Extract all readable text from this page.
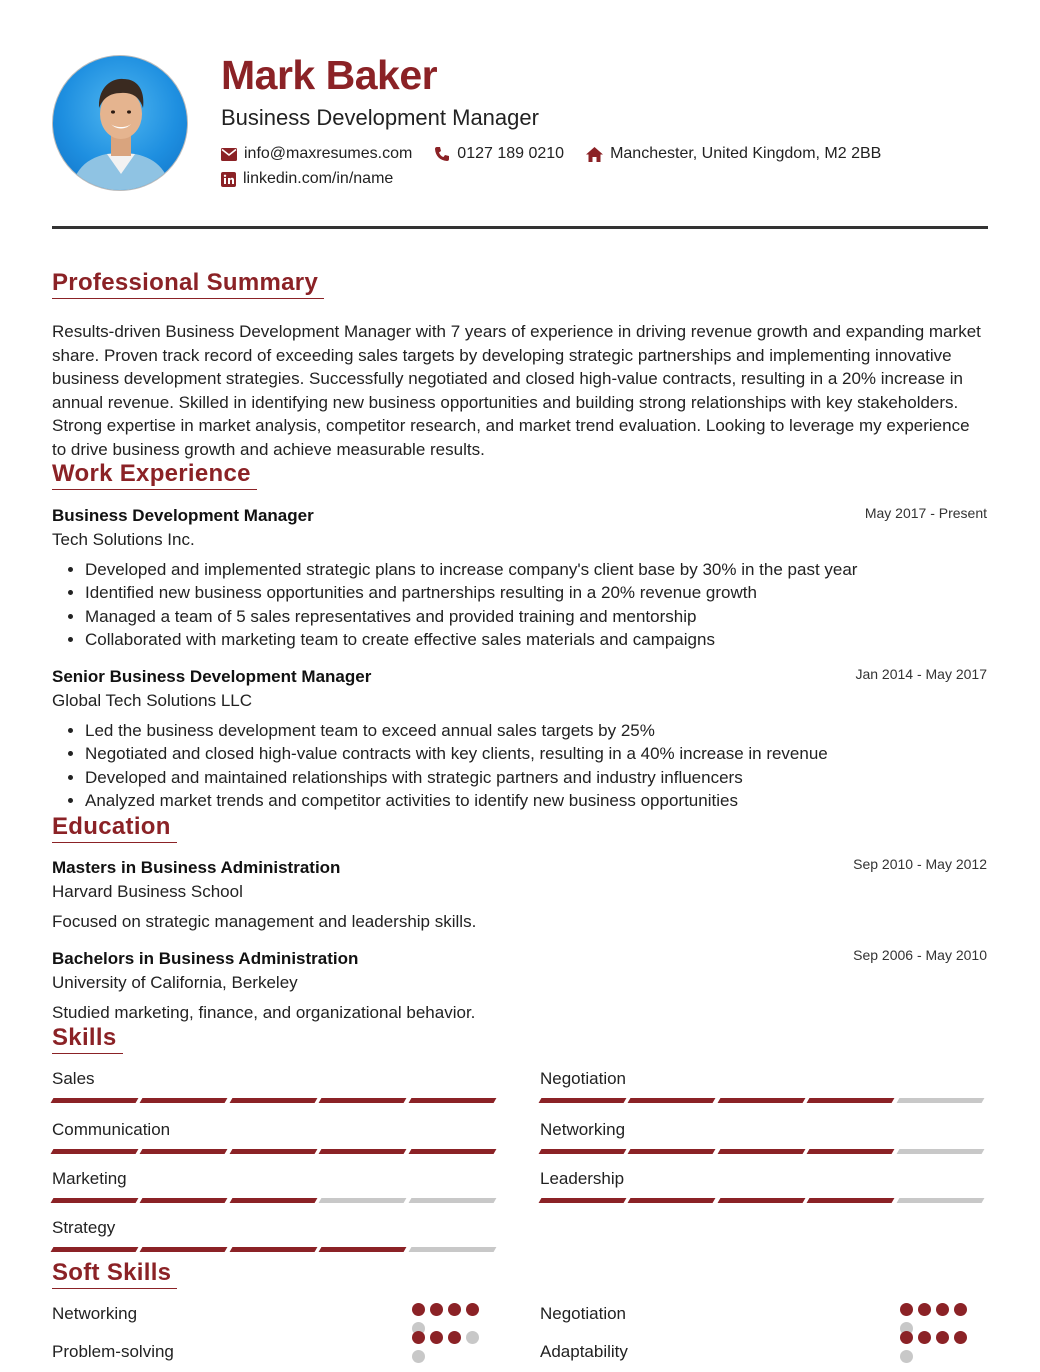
Mark Baker
Business Development Manager
info@maxresumes.com	0127 189 0210	Manchester, United Kingdom, M2 2BB
linkedin.com/in/name
Professional Summary

Results-driven Business Development Manager with 7 years of experience in driving revenue growth and expanding market share. Proven track record of exceeding sales targets by developing strategic partnerships and implementing innovative business development strategies. Successfully negotiated and closed high-value contracts, resulting in a 20% increase in annual revenue. Skilled in identifying new business opportunities and building strong relationships with key stakeholders. Strong expertise in market analysis, competitor research, and market trend evaluation. Looking to leverage my experience to drive business growth and achieve measurable results.

Work Experience
Business Development Manager	May 2017 - Present
Tech Solutions Inc.
• Developed and implemented strategic plans to increase company's client base by 30% in the past year
• Identified new business opportunities and partnerships resulting in a 20% revenue growth
• Managed a team of 5 sales representatives and provided training and mentorship
• Collaborated with marketing team to create effective sales materials and campaigns
Senior Business Development Manager	Jan 2014 - May 2017
Global Tech Solutions LLC
• Led the business development team to exceed annual sales targets by 25%
• Negotiated and closed high-value contracts with key clients, resulting in a 40% increase in revenue
• Developed and maintained relationships with strategic partners and industry influencers
• Analyzed market trends and competitor activities to identify new business opportunities
Education
Masters in Business Administration	Sep 2010 - May 2012
Harvard Business School
Focused on strategic management and leadership skills.
Bachelors in Business Administration	Sep 2006 - May 2010
University of California, Berkeley
Studied marketing, finance, and organizational behavior.
Skills
Sales	Negotiation
Communication	Networking
Marketing	Leadership
Strategy
Soft Skills
Networking	Negotiation
Problem-solving	Adaptability
